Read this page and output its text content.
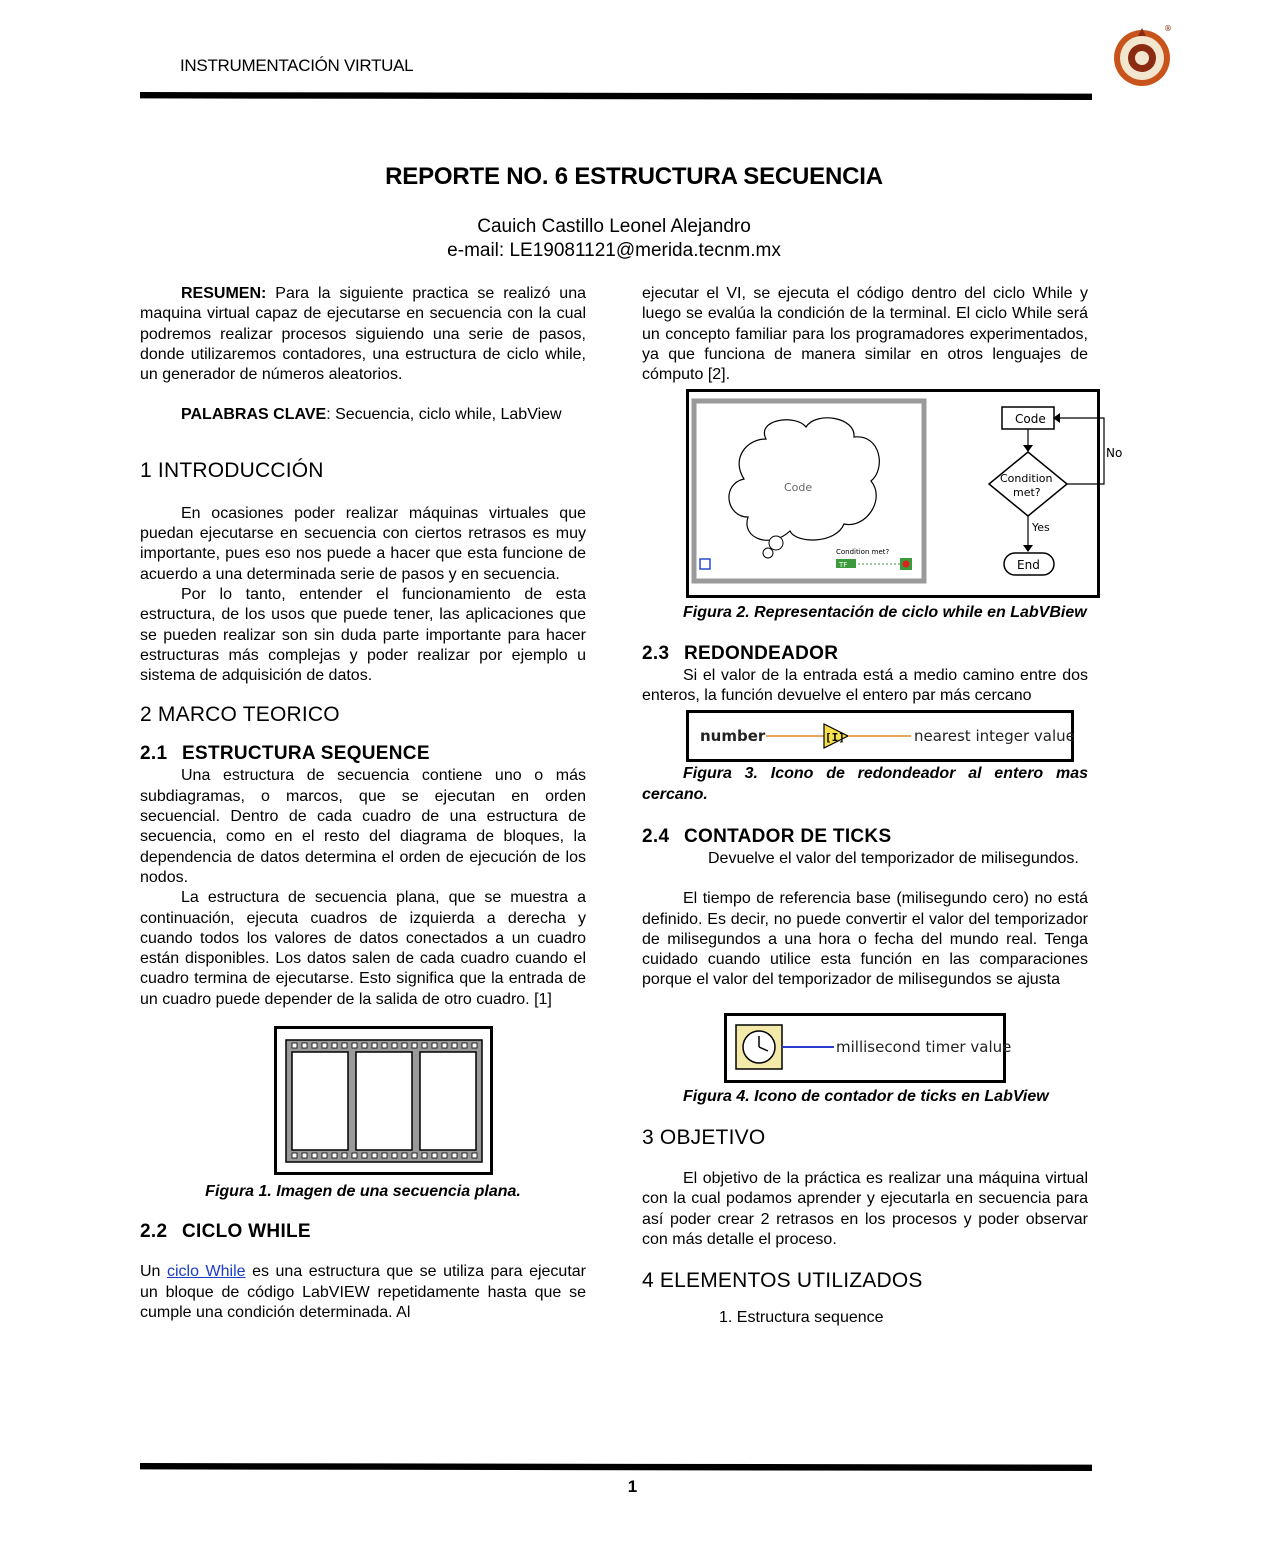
INSTRUMENTACIÓN VIRTUAL
®
REPORTE NO. 6 ESTRUCTURA SECUENCIA
Cauich Castillo Leonel Alejandro
e-mail: LE19081121@merida.tecnm.mx

RESUMEN: Para la siguiente practica se realizó una maquina virtual capaz de ejecutarse en secuencia con la cual podremos realizar procesos siguiendo una serie de pasos, donde utilizaremos contadores, una estructura de ciclo while, un generador de números aleatorios.

PALABRAS CLAVE: Secuencia, ciclo while, LabView

1 INTRODUCCIÓN

En ocasiones poder realizar máquinas virtuales que puedan ejecutarse en secuencia con ciertos retrasos es muy importante, pues eso nos puede a hacer que esta funcione de acuerdo a una determinada serie de pasos y en secuencia.

Por lo tanto, entender el funcionamiento de esta estructura, de los usos que puede tener, las aplicaciones que se pueden realizar son sin duda parte importante para hacer estructuras más complejas y poder realizar por ejemplo u sistema de adquisición de datos.

2 MARCO TEORICO
2.1 ESTRUCTURA SEQUENCE

Una estructura de secuencia contiene uno o más subdiagramas, o marcos, que se ejecutan en orden secuencial. Dentro de cada cuadro de una estructura de secuencia, como en el resto del diagrama de bloques, la dependencia de datos determina el orden de ejecución de los nodos.

La estructura de secuencia plana, que se muestra a continuación, ejecuta cuadros de izquierda a derecha y cuando todos los valores de datos conectados a un cuadro están disponibles. Los datos salen de cada cuadro cuando el cuadro termina de ejecutarse. Esto significa que la entrada de un cuadro puede depender de la salida de otro cuadro. [1]

Figura 1. Imagen de una secuencia plana.

2.2 CICLO WHILE

Un ciclo While es una estructura que se utiliza para ejecutar un bloque de código LabVIEW repetidamente hasta que se cumple una condición determinada. Al

ejecutar el VI, se ejecuta el código dentro del ciclo While y luego se evalúa la condición de la terminal. El ciclo While será un concepto familiar para los programadores experimentados, ya que funciona de manera similar en otros lenguajes de cómputo [2].

Code
Condition met?
TF
Code
Condition
met?
No
Yes
End

Figura 2. Representación de ciclo while en LabVBiew

2.3 REDONDEADOR

Si el valor de la entrada está a medio camino entre dos enteros, la función devuelve el entero par más cercano

number	[I]	nearest integer value

Figura 3. Icono de redondeador al entero mas cercano.

2.4 CONTADOR DE TICKS

Devuelve el valor del temporizador de milisegundos.

El tiempo de referencia base (milisegundo cero) no está definido. Es decir, no puede convertir el valor del temporizador de milisegundos a una hora o fecha del mundo real. Tenga cuidado cuando utilice esta función en las comparaciones porque el valor del temporizador de milisegundos se ajusta

millisecond timer value

Figura 4. Icono de contador de ticks en LabView

3 OBJETIVO

El objetivo de la práctica es realizar una máquina virtual con la cual podamos aprender y ejecutarla en secuencia para así poder crear 2 retrasos en los procesos y poder observar con más detalle el proceso.

4 ELEMENTOS UTILIZADOS
1. Estructura sequence
1
